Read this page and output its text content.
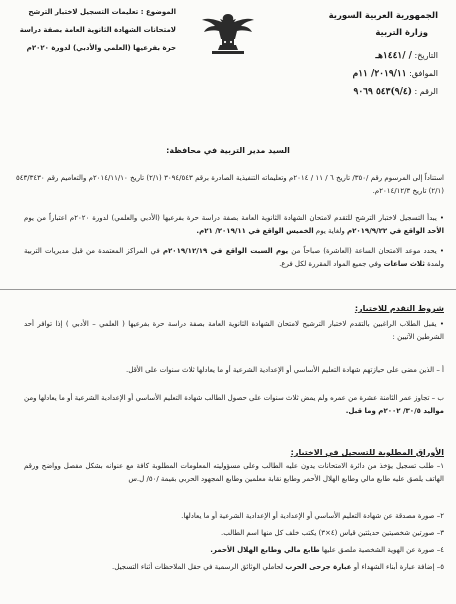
الجمهورية العربية السورية
وزارة التربية
التاريخ: / /١٤٤١هـ
الموافق: ٢٠١٩/١١/ ١١م
الرقم : (٩/٤)٥٤٣ ٩٠٦٩
الموضوع : تعليمات التسجيل لاختبار الترشح
لامتحانات الشهادة الثانوية العامة بصفة دراسة
حرة بفرعيها (العلمي والأدبي) لدورة ٢٠٢٠م
السيد مدير التربية في محافظة:
استناداً إلى المرسوم رقم /٣٥٠/ تاريخ ٦ / ١١ / ٢٠١٤م وتعليماته التنفيذية الصادرة برقم ٣٠٩٤/٥٤٣ (٢/١) تاريخ ٢٠١٤/١١/١٠م والتعاميم رقم ٥٤٣/٣٤٣٠ (٢/١) تاريخ ٢٠١٤/١٢/٣م.
• يبدأ التسجيل لاختبار الترشح للتقدم لامتحان الشهادة الثانوية العامة بصفة دراسة حرة بفرعيها (الأدبي والعلمي) لدورة ٢٠٢٠م اعتباراً من يوم الأحد الواقع في ٢٠١٩/٩/٢٢م ولغاية يوم الخميس الواقع في ٢٠١٩/١١/ ٢١م.
• يحدد موعد الامتحان الساعة (العاشرة) صباحاً من يوم السبت الواقع في ٢٠١٩/١٢/١٩م في المراكز المعتمدة من قبل مديريات التربية ولمدة ثلاث ساعات وفي جميع المواد المقررة لكل فرع.
شروط التقدم للاختبار:
• يقبل الطلاب الراغبين بالتقدم لاختبار الترشيح لامتحان الشهادة الثانوية العامة بصفة دراسة حرة بفرعيها ( العلمي – الأدبي ) إذا توافر أحد الشرطين الآتيين :
أ – الذين مضى على حيازتهم شهادة التعليم الأساسي أو الإعدادية الشرعية أو ما يعادلها ثلاث سنوات على الأقل.
ب – تجاوز عمر الثامنة عشرة من عمره ولم يمض ثلاث سنوات على حصول الطالب شهادة التعليم الأساسي أو الإعدادية الشرعية أو ما يعادلها ومن مواليد ٣٠/٥/ ٢٠٠٢م وما قبل.
الأوراق المطلوبة للتسجيل في الاختبار:
١– طلب تسجيل يؤخذ من دائرة الامتحانات يدون عليه الطالب وعلى مسؤوليته المعلومات المطلوبة كافة مع عنوانه بشكل مفصل وواضح ورقم الهاتف يلصق عليه طابع مالي وطابع الهلال الأحمر وطابع نقابة معلمين وطابع المجهود الحربي بقيمة /٥٠/ ل.س
٢– صورة مصدقة عن شهادة التعليم الأساسي أو الإعدادية أو الإعدادية الشرعية أو ما يعادلها.
٣– صورتين شخصيتين حديثتين قياس (٤×٣) يكتب خلف كل منها اسم الطالب.
٤– صورة عن الهوية الشخصية ملصق عليها طابع مالي وطابع الهلال الأحمر.
٥– إضافة عبارة أبناء الشهداء أو عبارة جرحى الحرب لحاملي الوثائق الرسمية في حقل الملاحظات أثناء التسجيل.
